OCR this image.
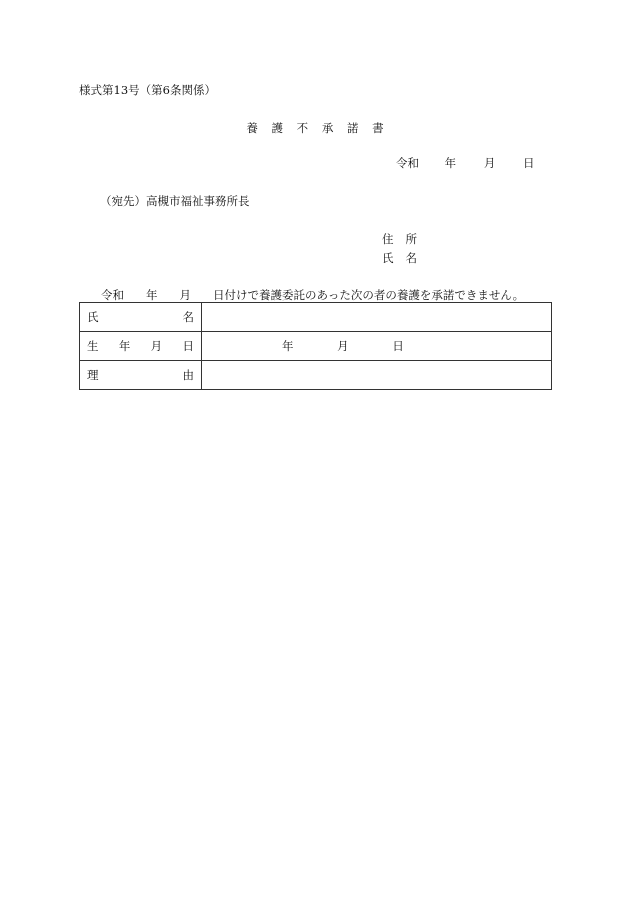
様式第13号（第6条関係）
養 護 不 承 諾 書
令和 年 月 日
（宛先）高槻市福祉事務所長
住 所
氏 名
令和 年 月 日付けで養護委託のあった次の者の養護を承諾できません。
氏 名	

生 年 月 日	年 月 日

理 由	
